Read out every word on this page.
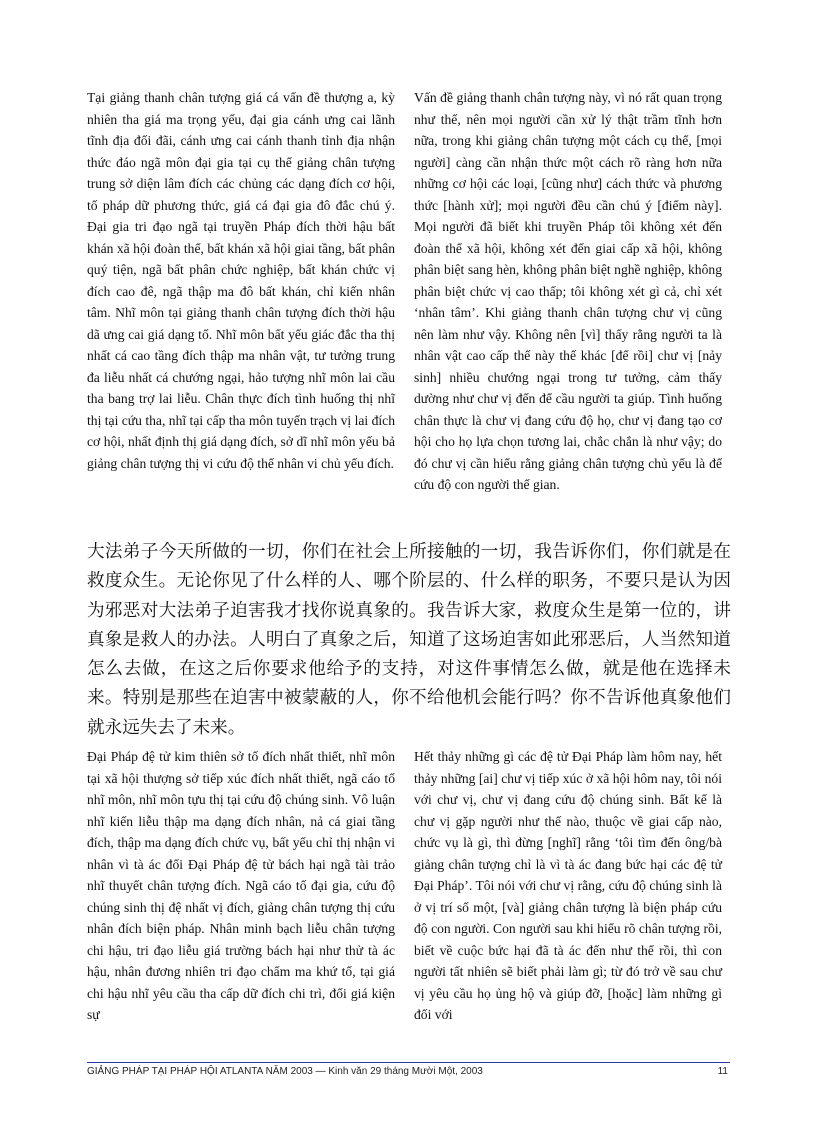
Tại giảng thanh chân tượng giá cá vấn đề thượng a, kỳ nhiên tha giá ma trọng yếu, đại gia cánh ưng cai lãnh tĩnh địa đối đãi, cánh ưng cai cánh thanh tỉnh địa nhận thức đáo ngã môn đại gia tại cụ thể giảng chân tượng trung sở diện lâm đích các chủng các dạng đích cơ hội, tố pháp dữ phương thức, giá cá đại gia đô đắc chú ý. Đại gia tri đạo ngã tại truyền Pháp đích thời hậu bất khán xã hội đoàn thể, bất khán xã hội giai tầng, bất phân quý tiện, ngã bất phân chức nghiệp, bất khán chức vị đích cao đê, ngã thập ma đô bất khán, chỉ kiến nhân tâm. Nhĩ môn tại giảng thanh chân tượng đích thời hậu dã ưng cai giá dạng tố. Nhĩ môn bất yếu giác đắc tha thị nhất cá cao tầng đích thập ma nhân vật, tư tưởng trung đa liễu nhất cá chướng ngại, hảo tượng nhĩ môn lai cầu tha bang trợ lai liễu. Chân thực đích tình huống thị nhĩ thị tại cứu tha, nhĩ tại cấp tha môn tuyển trạch vị lai đích cơ hội, nhất định thị giá dạng đích, sở dĩ nhĩ môn yếu bả giảng chân tượng thị vi cứu độ thế nhân vi chủ yếu đích.

Vấn đề giảng thanh chân tượng này, vì nó rất quan trọng như thế, nên mọi người cần xử lý thật trầm tĩnh hơn nữa, trong khi giảng chân tượng một cách cụ thể, [mọi người] càng cần nhận thức một cách rõ ràng hơn nữa những cơ hội các loại, [cũng như] cách thức và phương thức [hành xử]; mọi người đều cần chú ý [điểm này]. Mọi người đã biết khi truyền Pháp tôi không xét đến đoàn thể xã hội, không xét đến giai cấp xã hội, không phân biệt sang hèn, không phân biệt nghề nghiệp, không phân biệt chức vị cao thấp; tôi không xét gì cả, chỉ xét ‘nhân tâm’. Khi giảng thanh chân tượng chư vị cũng nên làm như vậy. Không nên [vì] thấy rằng người ta là nhân vật cao cấp thế này thế khác [để rồi] chư vị [nảy sinh] nhiều chướng ngại trong tư tưởng, cảm thấy dường như chư vị đến để cầu người ta giúp. Tình huống chân thực là chư vị đang cứu độ họ, chư vị đang tạo cơ hội cho họ lựa chọn tương lai, chắc chắn là như vậy; do đó chư vị cần hiểu rằng giảng chân tượng chủ yếu là để cứu độ con người thế gian.

大法弟子今天所做的一切，你们在社会上所接触的一切，我告诉你们，你们就是在救度众生。无论你见了什么样的人、哪个阶层的、什么样的职务，不要只是认为因为邪恶对大法弟子迫害我才找你说真象的。我告诉大家，救度众生是第一位的，讲真象是救人的办法。人明白了真象之后，知道了这场迫害如此邪恶后，人当然知道怎么去做，在这之后你要求他给予的支持，对这件事情怎么做，就是他在选择未来。特别是那些在迫害中被蒙蔽的人，你不给他机会能行吗？你不告诉他真象他们就永远失去了未来。

Đại Pháp đệ tử kim thiên sở tố đích nhất thiết, nhĩ môn tại xã hội thượng sở tiếp xúc đích nhất thiết, ngã cáo tố nhĩ môn, nhĩ môn tựu thị tại cứu độ chúng sinh. Vô luận nhĩ kiến liễu thập ma dạng đích nhân, nả cá giai tầng đích, thập ma dạng đích chức vụ, bất yếu chỉ thị nhận vi nhân vì tà ác đối Đại Pháp đệ tử bách hại ngã tài trảo nhĩ thuyết chân tượng đích. Ngã cáo tố đại gia, cứu độ chúng sinh thị đệ nhất vị đích, giảng chân tượng thị cứu nhân đích biện pháp. Nhân minh bạch liễu chân tượng chi hậu, tri đạo liễu giá trường bách hại như thử tà ác hậu, nhân đương nhiên tri đạo chẩm ma khứ tố, tại giá chi hậu nhĩ yêu cầu tha cấp dữ đích chi trì, đối giá kiện sự

Hết thảy những gì các đệ tử Đại Pháp làm hôm nay, hết thảy những [ai] chư vị tiếp xúc ở xã hội hôm nay, tôi nói với chư vị, chư vị đang cứu độ chúng sinh. Bất kể là chư vị gặp người như thế nào, thuộc về giai cấp nào, chức vụ là gì, thì đừng [nghĩ] rằng ‘tôi tìm đến ông/bà giảng chân tượng chỉ là vì tà ác đang bức hại các đệ tử Đại Pháp’. Tôi nói với chư vị rằng, cứu độ chúng sinh là ở vị trí số một, [và] giảng chân tượng là biện pháp cứu độ con người. Con người sau khi hiểu rõ chân tượng rồi, biết về cuộc bức hại đã tà ác đến như thế rồi, thì con người tất nhiên sẽ biết phải làm gì; từ đó trở về sau chư vị yêu cầu họ ủng hộ và giúp đỡ, [hoặc] làm những gì đối với

GIẢNG PHÁP TẠI PHÁP HỘI ATLANTA NĂM 2003 — Kinh văn 29 tháng Mười Một, 2003	11
